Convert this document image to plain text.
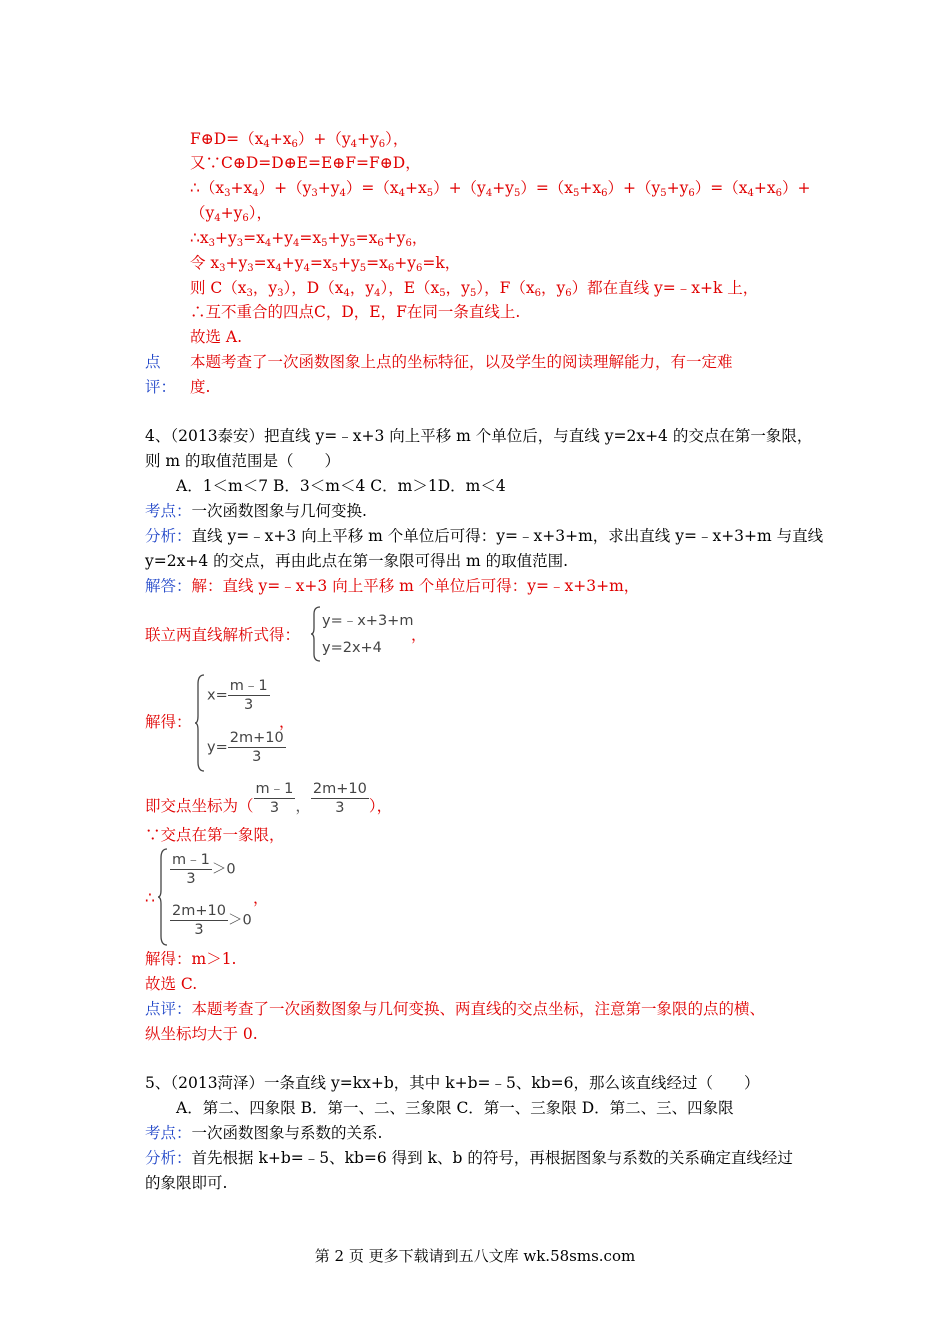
$F\oplus D=(x_4+x_6)+(y_4+y_6)$，
又∵C⊕D=D⊕E=E⊕F=F⊕D，
$\therefore(x_3+x_4)+(y_3+y_4)=(x_4+x_5)+(y_4+y_5)=(x_5+x_6)+(y_5+y_6)=(x_4+x_6)+$
$(y_4+y_6)$，
$\therefore x_3+y_3=x_4+y_4=x_5+y_5=x_6+y_6$，
令 $x_3+y_3=x_4+y_4=x_5+y_5=x_6+y_6=k$，
则 $C(x_3$，$y_3$），$D(x_4$，$y_4$），$E(x_5$，$y_5$），$F(x_6$，$y_6$）都在直线 y=﹣x+k 上，
∴互不重合的四点C，D，E，F在同一条直线上.
故选 A.
点
评：
本题考查了一次函数图象上点的坐标特征，以及学生的阅读理解能力，有一定难
度.
4、（2013泰安）把直线 y=﹣x+3 向上平移 m 个单位后，与直线 y=2x+4 的交点在第一象限，
则 m 的取值范围是（　　）
A．1＜m＜7 B．3＜m＜4 C．m＞1D．m＜4
考点：一次函数图象与几何变换.
分析：直线 y=﹣x+3 向上平移 m 个单位后可得：y=﹣x+3+m，求出直线 y=﹣x+3+m 与直线
y=2x+4 的交点，再由此点在第一象限可得出 m 的取值范围.
解答：解：直线 y=﹣x+3 向上平移 m 个单位后可得：y=﹣x+3+m，
联立两直线解析式得：
y=﹣x+3+m
y=2x+4
，
解得：
$x= \frac{m﹣1}{3}$
$y= \frac{2m+10}{3}$
，
即交点坐标为（ $\frac{m﹣1}{3}$ ， $\frac{2m+10}{3}$ ），
∵交点在第一象限，
∴
$\frac{m﹣1}{3} >0$
$\frac{2m+10}{3} >0$
，
解得：m＞1.
故选 C.
点评：本题考查了一次函数图象与几何变换、两直线的交点坐标，注意第一象限的点的横、
纵坐标均大于 0.
5、（2013菏泽）一条直线 y=kx+b，其中 k+b=﹣5、kb=6，那么该直线经过（　　）
A．第二、四象限 B．第一、二、三象限 C．第一、三象限 D．第二、三、四象限
考点：一次函数图象与系数的关系.
分析：首先根据 k+b=﹣5、kb=6 得到 k、b 的符号，再根据图象与系数的关系确定直线经过
的象限即可.
第 2 页 更多下载请到五八文库 wk.58sms.com
